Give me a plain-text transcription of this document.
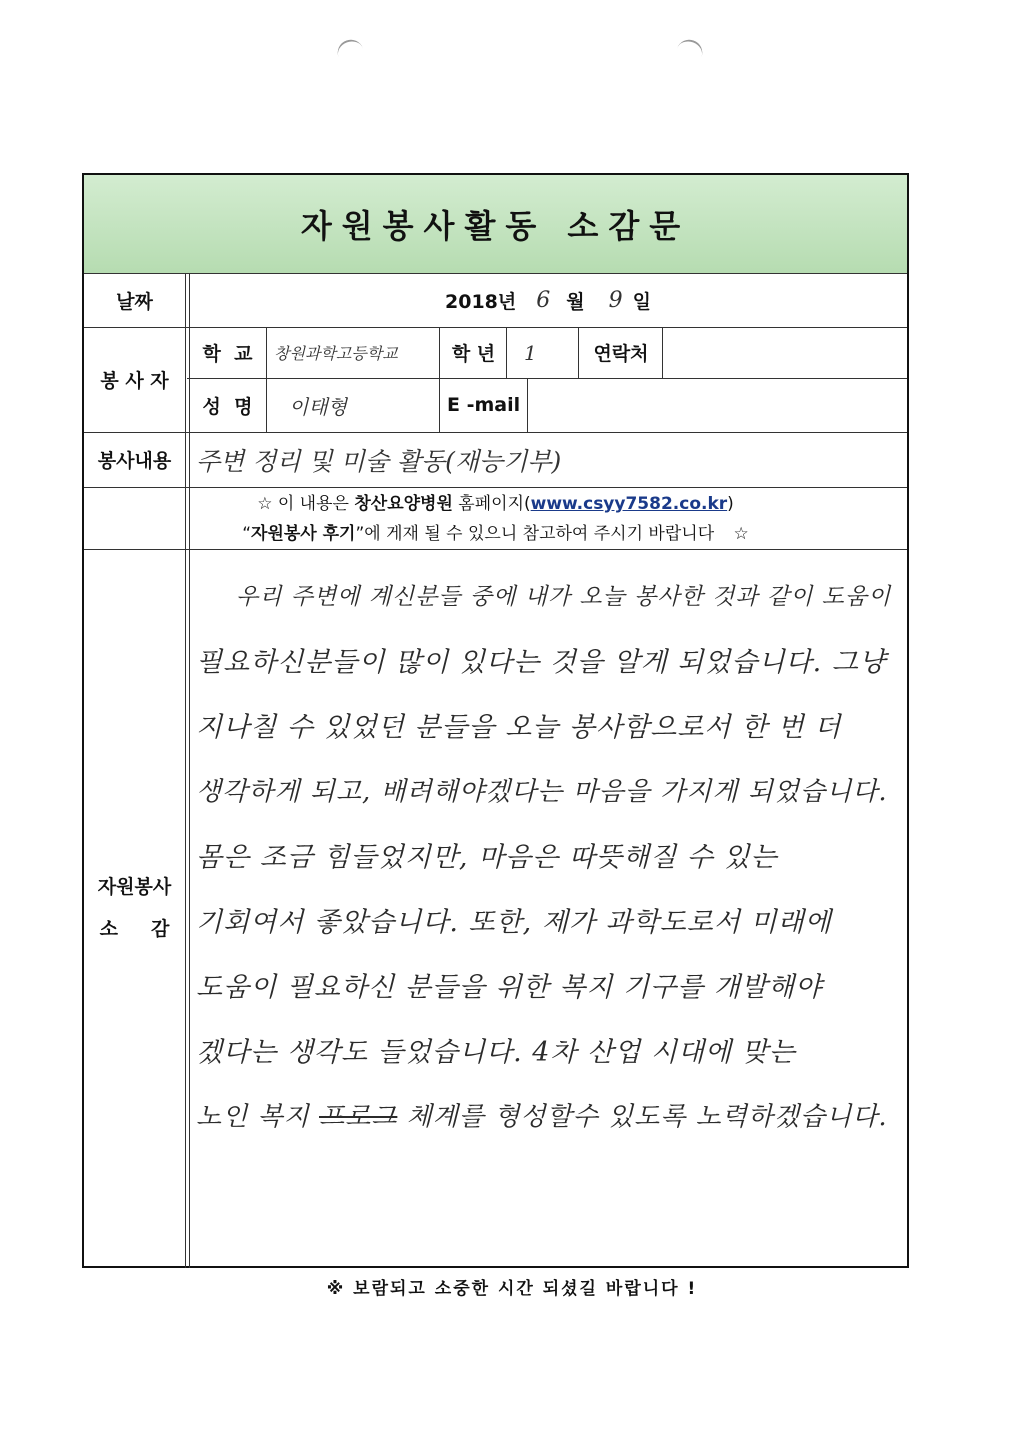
자원봉사활동 소감문
날짜	2018년 6 월 9 일
봉 사 자
학  교	창원과학고등학교	학 년	1	연락처
성  명	이태형	E -mail
봉사내용 주변 정리 및 미술 활동(재능기부)
☆ 이 내용은 창산요양병원 홈페이지(www.csyy7582.co.kr)
“자원봉사 후기”에 게재 될 수 있으니 참고하여 주시기 바랍니다 ☆
자원봉사
소     감
우리 주변에 계신분들 중에 내가 오늘 봉사한 것과 같이 도움이
필요하신분들이 많이 있다는 것을 알게 되었습니다. 그냥
지나칠 수 있었던 분들을 오늘 봉사함으로서 한 번 더
생각하게 되고, 배려해야겠다는 마음을 가지게 되었습니다.
몸은 조금 힘들었지만, 마음은 따뜻해질 수 있는
기회여서 좋았습니다. 또한, 제가 과학도로서 미래에
도움이 필요하신 분들을 위한 복지 기구를 개발해야
겠다는 생각도 들었습니다. 4차 산업 시대에 맞는
노인 복지 프로그 체계를 형성할수 있도록 노력하겠습니다.
※ 보람되고 소중한 시간 되셨길 바랍니다 !
